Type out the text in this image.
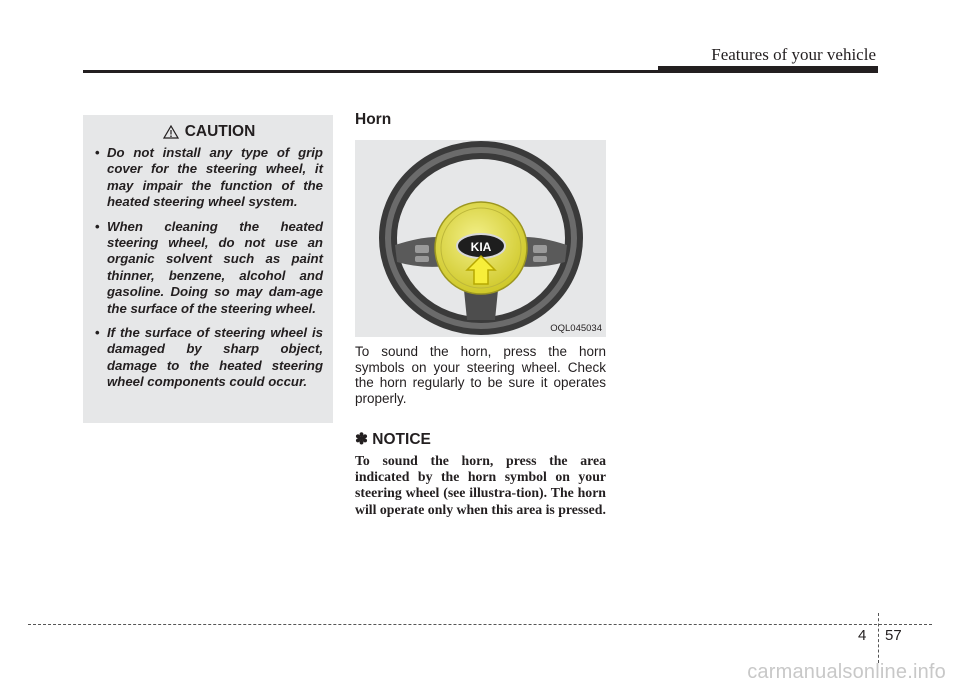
Features of your vehicle
CAUTION
• Do not install any type of grip cover for the steering wheel, it may impair the function of the heated steering wheel system.
• When cleaning the heated steering wheel, do not use an organic solvent such as paint thinner, benzene, alcohol and gasoline. Doing so may dam-age the surface of the steering wheel.
• If the surface of steering wheel is damaged by sharp object, damage to the heated steering wheel components could occur.
Horn
KIA
OQL045034
To sound the horn, press the horn symbols on your steering wheel. Check the horn regularly to be sure it operates properly.
✽ NOTICE
To sound the horn, press the area indicated by the horn symbol on your steering wheel (see illustra-tion). The horn will operate only when this area is pressed.
4 57
carmanualsonline.info
